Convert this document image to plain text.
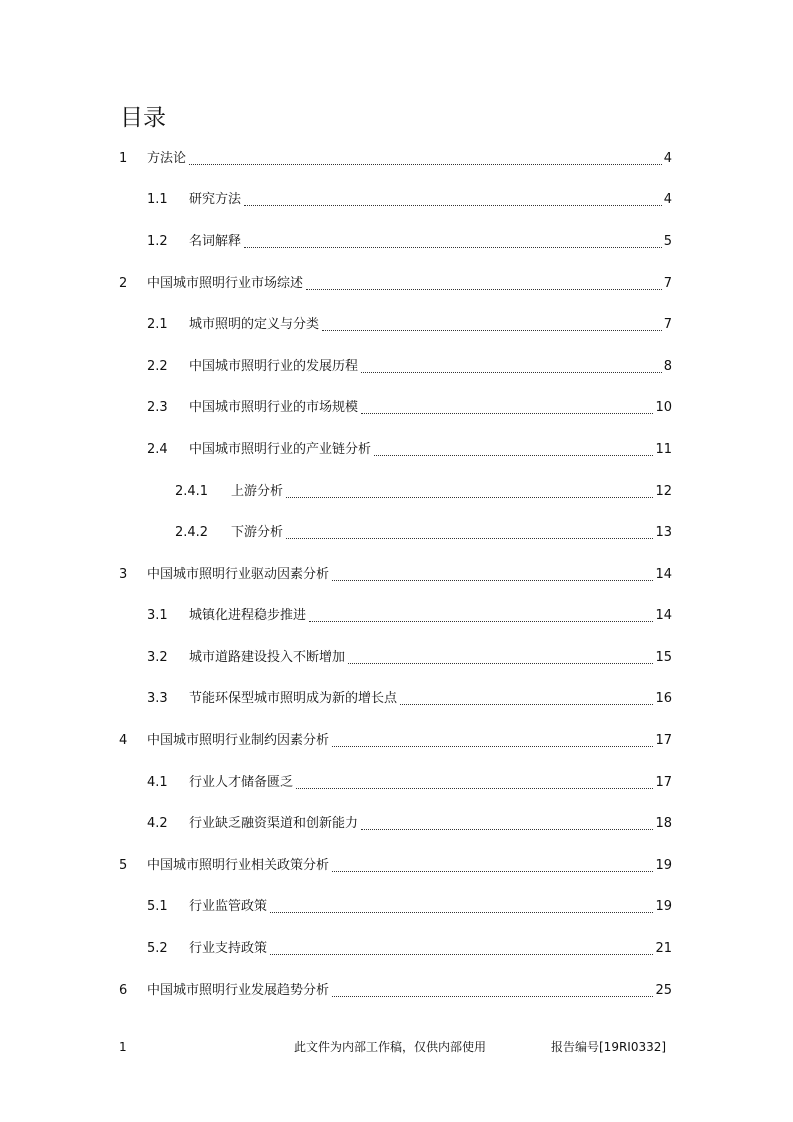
目录
1 方法论	4
1.1 研究方法	4
1.2 名词解释	5
2 中国城市照明行业市场综述	7
2.1 城市照明的定义与分类	7
2.2 中国城市照明行业的发展历程	8
2.3 中国城市照明行业的市场规模	10
2.4 中国城市照明行业的产业链分析	11
2.4.1 上游分析	12
2.4.2 下游分析	13
3 中国城市照明行业驱动因素分析	14
3.1 城镇化进程稳步推进	14
3.2 城市道路建设投入不断增加	15
3.3 节能环保型城市照明成为新的增长点	16
4 中国城市照明行业制约因素分析	17
4.1 行业人才储备匮乏	17
4.2 行业缺乏融资渠道和创新能力	18
5 中国城市照明行业相关政策分析	19
5.1 行业监管政策	19
5.2 行业支持政策	21
6 中国城市照明行业发展趋势分析	25
1	此文件为内部工作稿，仅供内部使用	报告编号[19RI0332]
